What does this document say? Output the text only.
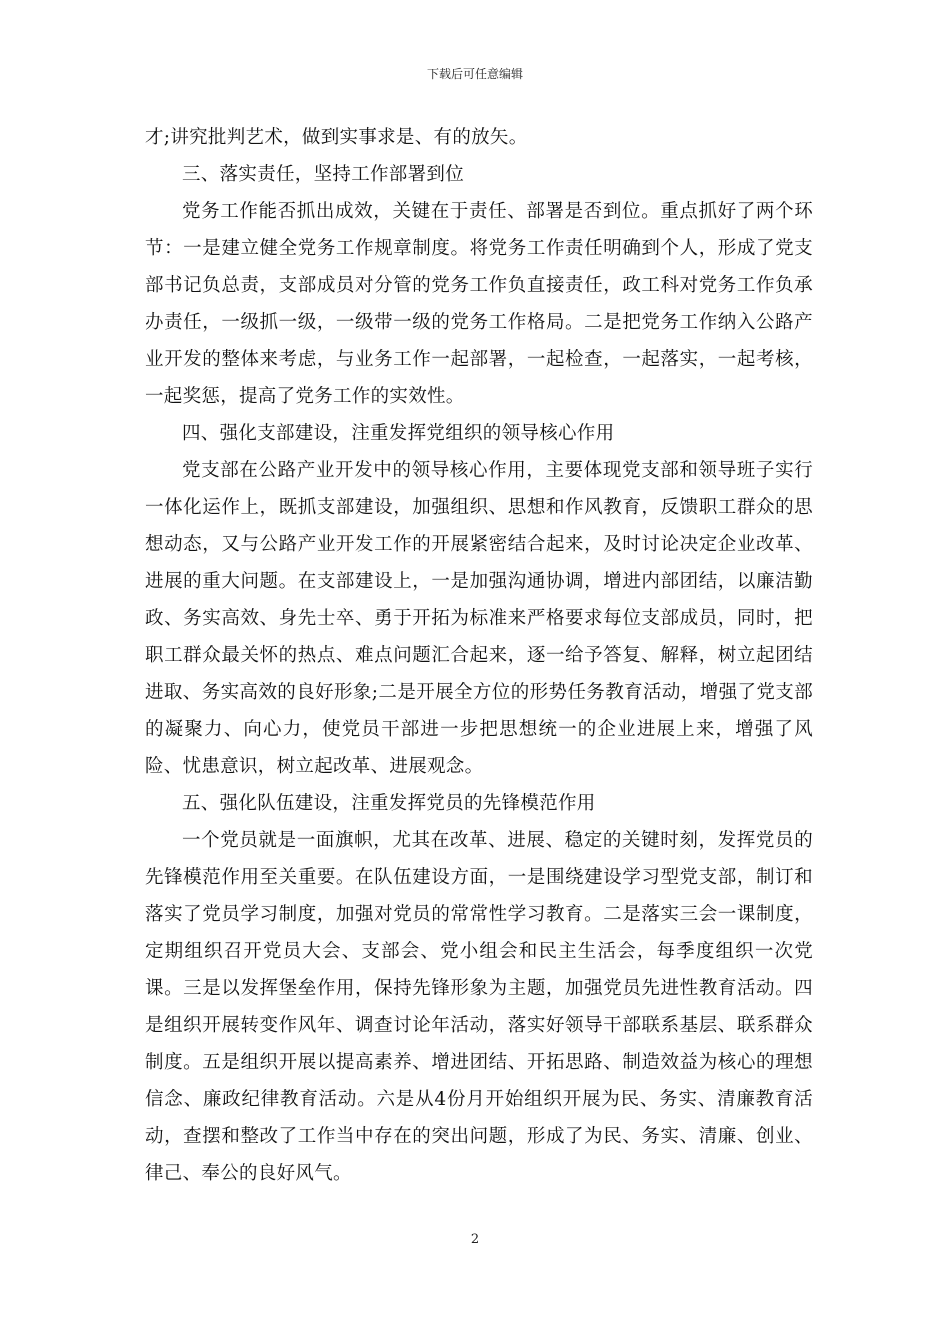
下载后可任意编辑

才;讲究批判艺术，做到实事求是、有的放矢。

三、落实责任，坚持工作部署到位

党务工作能否抓出成效，关键在于责任、部署是否到位。重点抓好了两个环节：一是建立健全党务工作规章制度。将党务工作责任明确到个人，形成了党支部书记负总责，支部成员对分管的党务工作负直接责任，政工科对党务工作负承办责任，一级抓一级，一级带一级的党务工作格局。二是把党务工作纳入公路产业开发的整体来考虑，与业务工作一起部署，一起检查，一起落实，一起考核，一起奖惩，提高了党务工作的实效性。

四、强化支部建设，注重发挥党组织的领导核心作用

党支部在公路产业开发中的领导核心作用，主要体现党支部和领导班子实行一体化运作上，既抓支部建设，加强组织、思想和作风教育，反馈职工群众的思想动态，又与公路产业开发工作的开展紧密结合起来，及时讨论决定企业改革、进展的重大问题。在支部建设上，一是加强沟通协调，增进内部团结，以廉洁勤政、务实高效、身先士卒、勇于开拓为标准来严格要求每位支部成员，同时，把职工群众最关怀的热点、难点问题汇合起来，逐一给予答复、解释，树立起团结进取、务实高效的良好形象;二是开展全方位的形势任务教育活动，增强了党支部的凝聚力、向心力，使党员干部进一步把思想统一的企业进展上来，增强了风险、忧患意识，树立起改革、进展观念。

五、强化队伍建设，注重发挥党员的先锋模范作用

一个党员就是一面旗帜，尤其在改革、进展、稳定的关键时刻，发挥党员的先锋模范作用至关重要。在队伍建设方面，一是围绕建设学习型党支部，制订和落实了党员学习制度，加强对党员的常常性学习教育。二是落实三会一课制度，定期组织召开党员大会、支部会、党小组会和民主生活会，每季度组织一次党课。三是以发挥堡垒作用，保持先锋形象为主题，加强党员先进性教育活动。四是组织开展转变作风年、调查讨论年活动，落实好领导干部联系基层、联系群众制度。五是组织开展以提高素养、增进团结、开拓思路、制造效益为核心的理想信念、廉政纪律教育活动。六是从4份月开始组织开展为民、务实、清廉教育活动，查摆和整改了工作当中存在的突出问题，形成了为民、务实、清廉、创业、律己、奉公的良好风气。

2
